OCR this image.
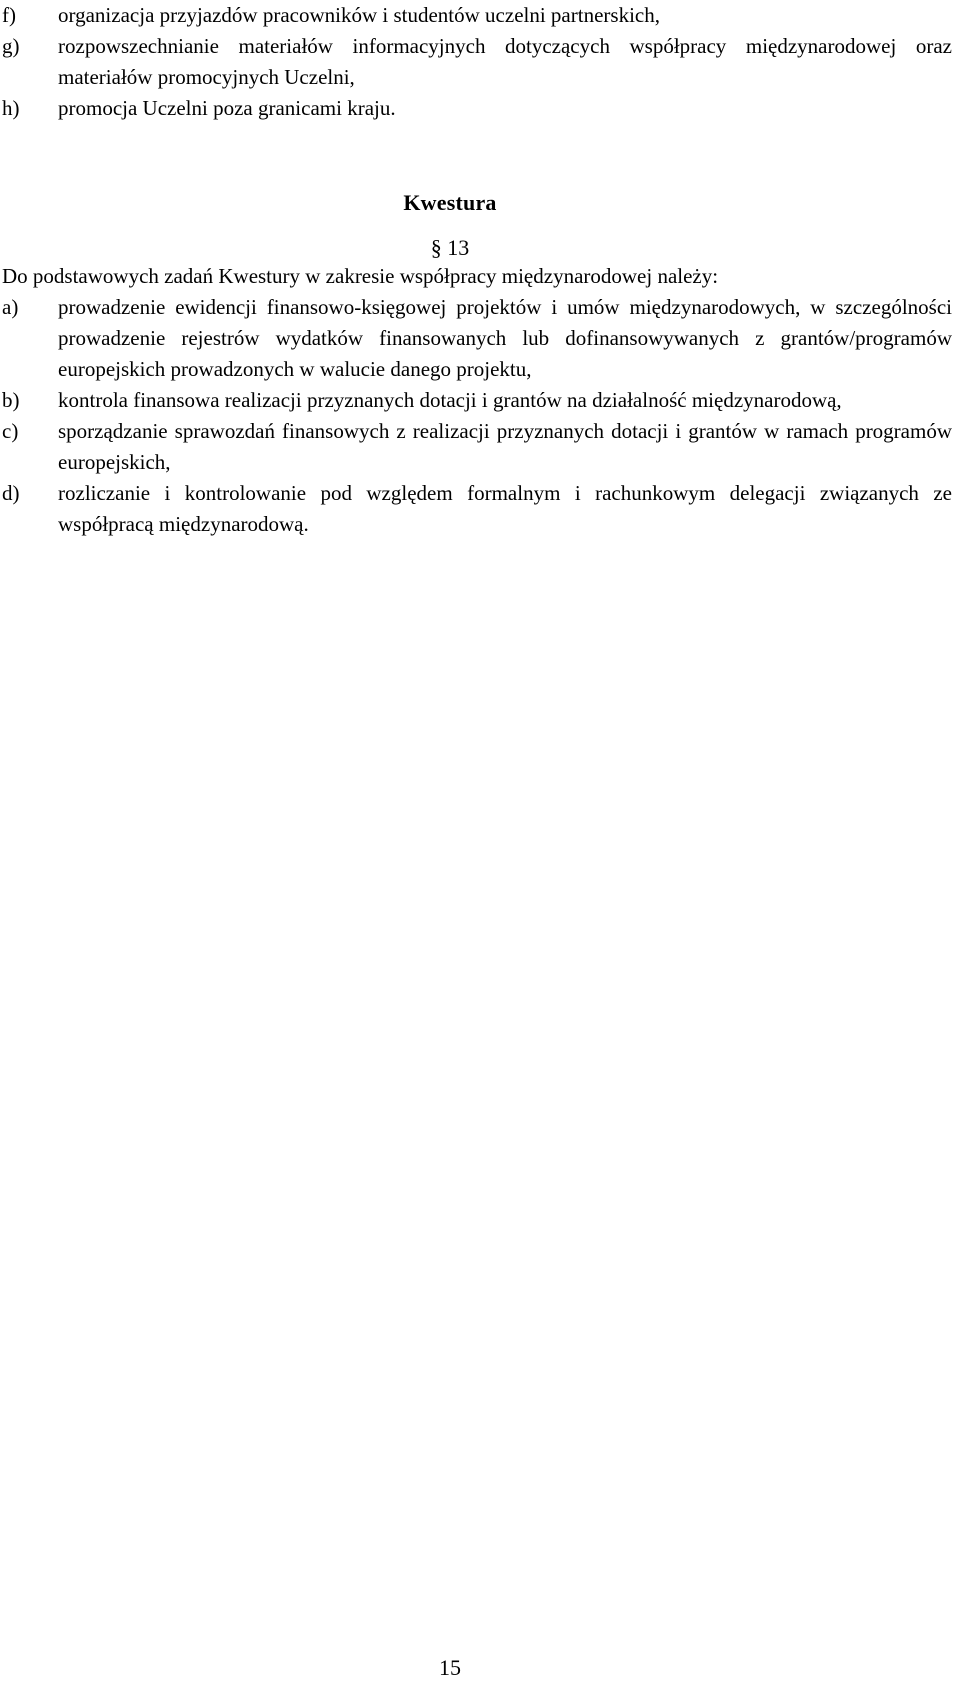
f)	organizacja przyjazdów pracowników i studentów uczelni partnerskich,
g)	rozpowszechnianie materiałów informacyjnych dotyczących współpracy międzynarodowej oraz materiałów promocyjnych Uczelni,
h)	promocja Uczelni poza granicami kraju.
Kwestura
§ 13
Do podstawowych zadań Kwestury w zakresie współpracy międzynarodowej należy:
a)	prowadzenie ewidencji finansowo-księgowej projektów i umów międzynarodowych, w szczególności prowadzenie rejestrów wydatków finansowanych lub dofinansowywanych z grantów/programów europejskich prowadzonych w walucie danego projektu,
b)	kontrola finansowa realizacji przyznanych dotacji i grantów na działalność międzynarodową,
c)	sporządzanie sprawozdań finansowych z realizacji przyznanych dotacji i grantów w ramach programów europejskich,
d)	rozliczanie i kontrolowanie pod względem formalnym i rachunkowym delegacji związanych ze współpracą międzynarodową.
15
